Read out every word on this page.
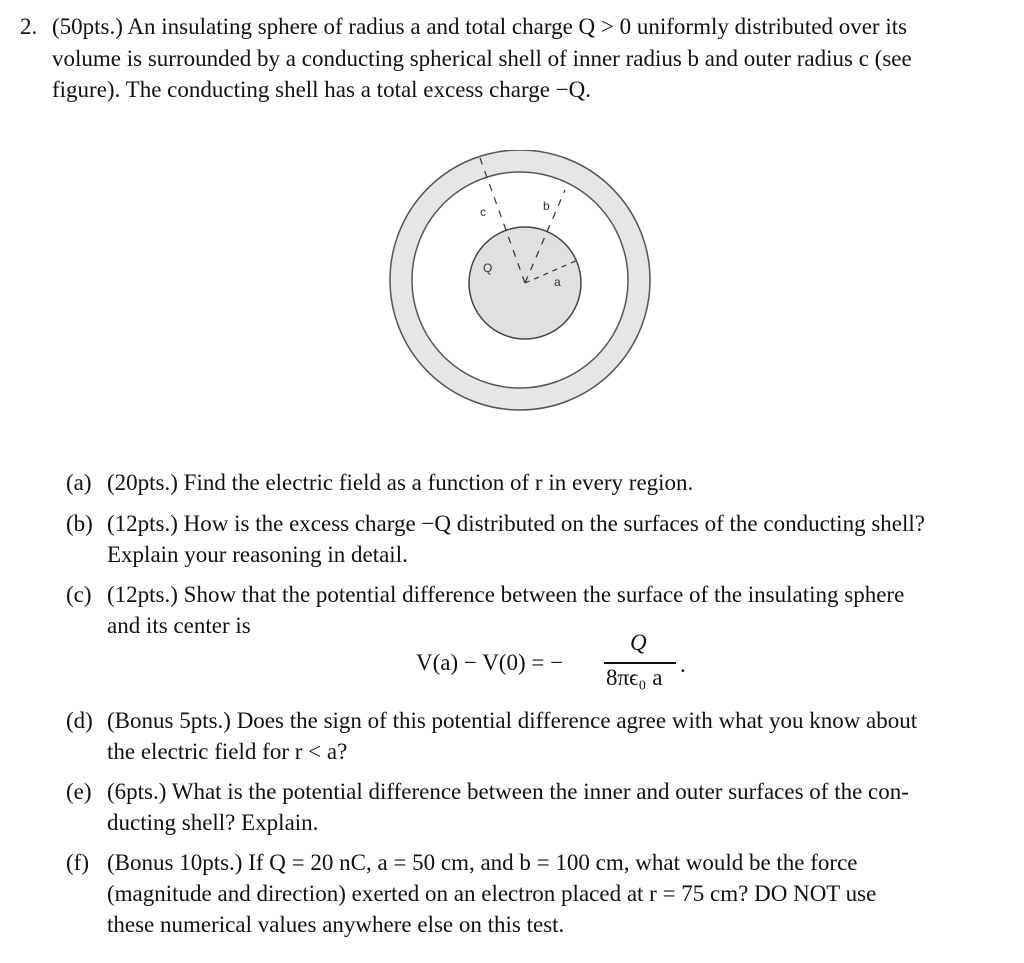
2. (50pts.) An insulating sphere of radius a and total charge Q > 0 uniformly distributed over its
volume is surrounded by a conducting spherical shell of inner radius b and outer radius c (see
figure). The conducting shell has a total excess charge −Q.
c	b
Q
a
(a) (20pts.) Find the electric field as a function of r in every region.
(b) (12pts.) How is the excess charge −Q distributed on the surfaces of the conducting shell?
Explain your reasoning in detail.
(c) (12pts.) Show that the potential difference between the surface of the insulating sphere
and its center is
V(a) − V(0) = −
Q
8πϵ₀ a
.
(d) (Bonus 5pts.) Does the sign of this potential difference agree with what you know about
the electric field for r < a?
(e) (6pts.) What is the potential difference between the inner and outer surfaces of the con-
ducting shell? Explain.
(f) (Bonus 10pts.) If Q = 20 nC, a = 50 cm, and b = 100 cm, what would be the force
(magnitude and direction) exerted on an electron placed at r = 75 cm? DO NOT use
these numerical values anywhere else on this test.
